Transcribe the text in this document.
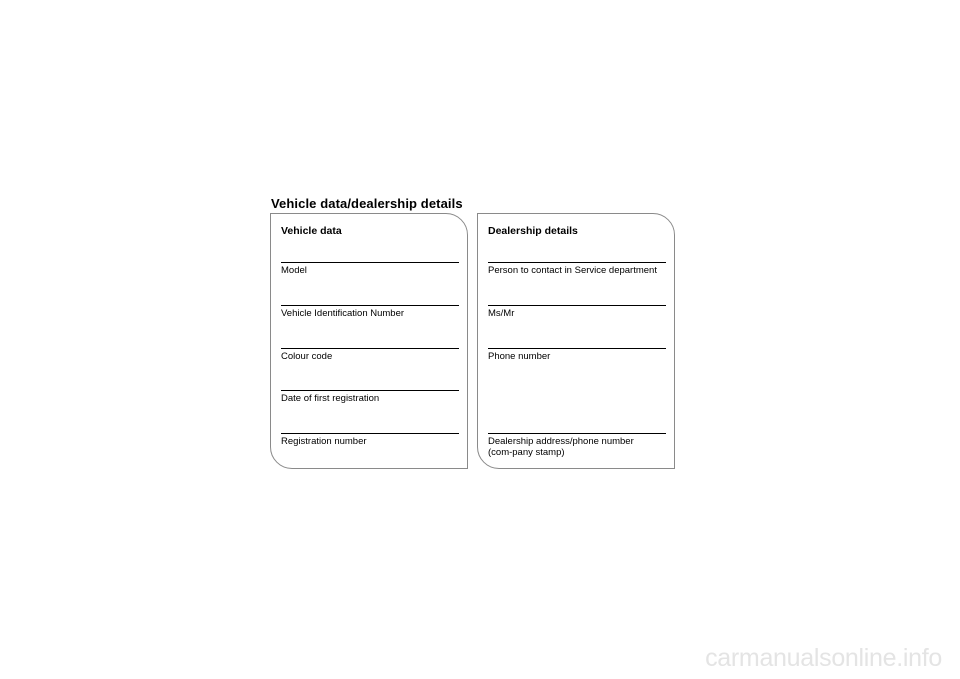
Vehicle data/dealership details
Vehicle data
Model
Vehicle Identification Number
Colour code
Date of first registration
Registration number
Dealership details
Person to contact in Service department
Ms/Mr
Phone number
Dealership address/phone number (com-pany stamp)
carmanualsonline.info
